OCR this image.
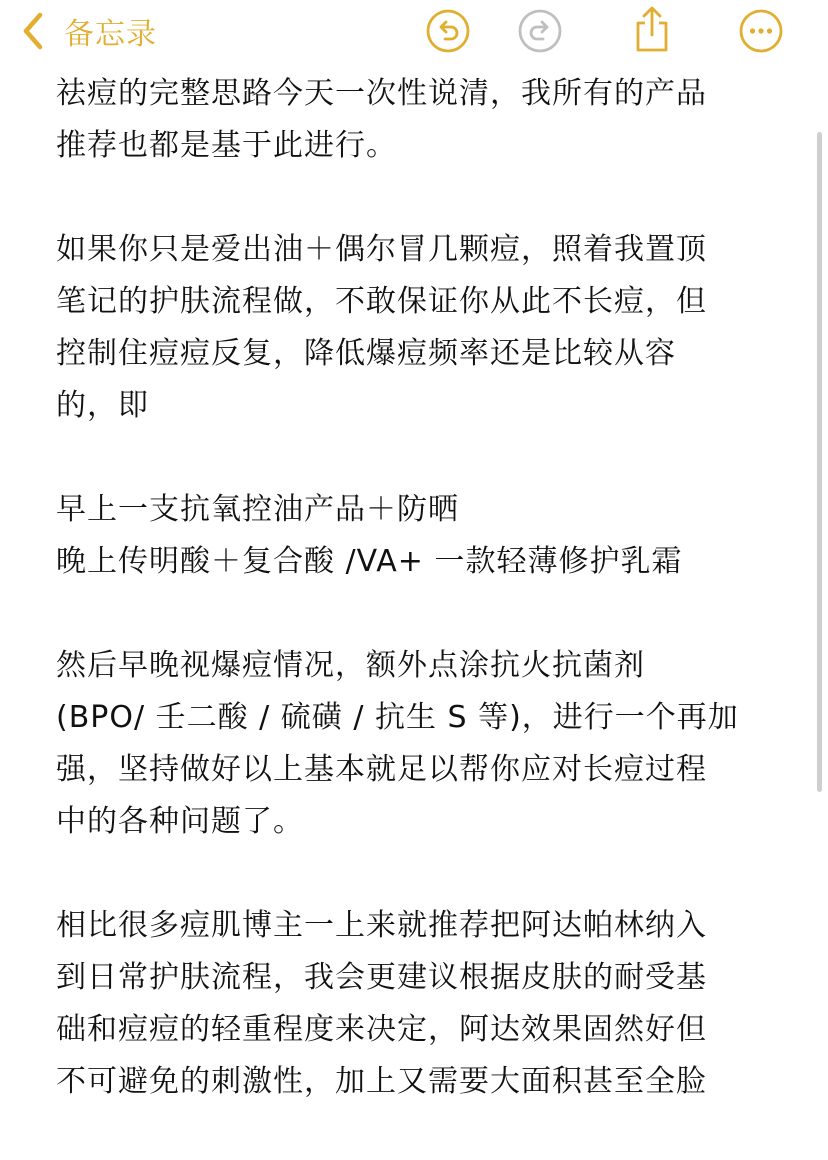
备忘录

祛痘的完整思路今天一次性说清，我所有的产品
推荐也都是基于此进行。

如果你只是爱出油＋偶尔冒几颗痘，照着我置顶
笔记的护肤流程做，不敢保证你从此不长痘，但
控制住痘痘反复，降低爆痘频率还是比较从容
的，即

早上一支抗氧控油产品＋防晒
晚上传明酸＋复合酸 /VA+ 一款轻薄修护乳霜

然后早晚视爆痘情况，额外点涂抗火抗菌剂
(BPO/ 壬二酸 / 硫磺 / 抗生 S 等)，进行一个再加
强，坚持做好以上基本就足以帮你应对长痘过程
中的各种问题了。

相比很多痘肌博主一上来就推荐把阿达帕林纳入
到日常护肤流程，我会更建议根据皮肤的耐受基
础和痘痘的轻重程度来决定，阿达效果固然好但
不可避免的刺激性，加上又需要大面积甚至全脸
